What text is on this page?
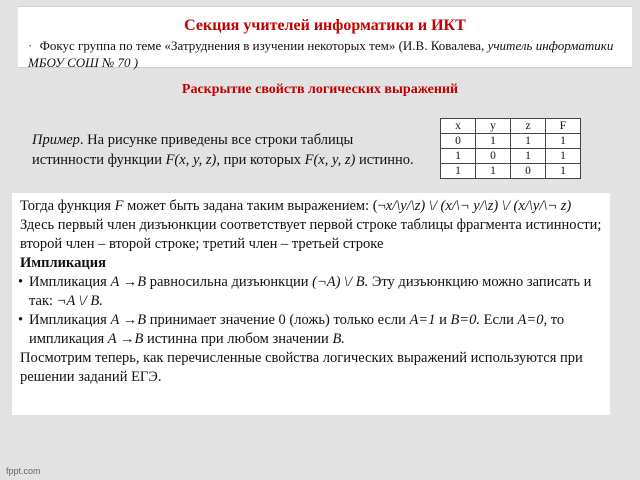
Секция учителей информатики и ИКТ
· Фокус группа по теме «Затруднения в изучении некоторых тем» (И.В. Ковалева, учитель информатики МБОУ СОШ № 70 )
Раскрытие свойств логических выражений
Пример. На рисунке приведены все строки таблицы истинности функции F(x, y, z), при которых F(x, y, z) истинно.
x	y	z	F
0	1	1	1
1	0	1	1
1	1	0	1

Тогда функция F может быть задана таким выражением: (¬x/\y/\z) \/ (x/\¬ y/\z) \/ (x/\y/\¬ z)

Здесь первый член дизъюнкции соответствует первой строке таблицы фрагмента истинности; второй член – второй строке; третий член – третьей строке

Импликация

• Импликация A →B равносильна дизъюнкции (¬A) \/ B. Эту дизъюнкцию можно записать и так: ¬A \/ B.

• Импликация A →B принимает значение 0 (ложь) только если A=1 и B=0. Если A=0, то импликация A →B истинна при любом значении B.

Посмотрим теперь, как перечисленные свойства логических выражений используются при решении заданий ЕГЭ.

fppt.com
